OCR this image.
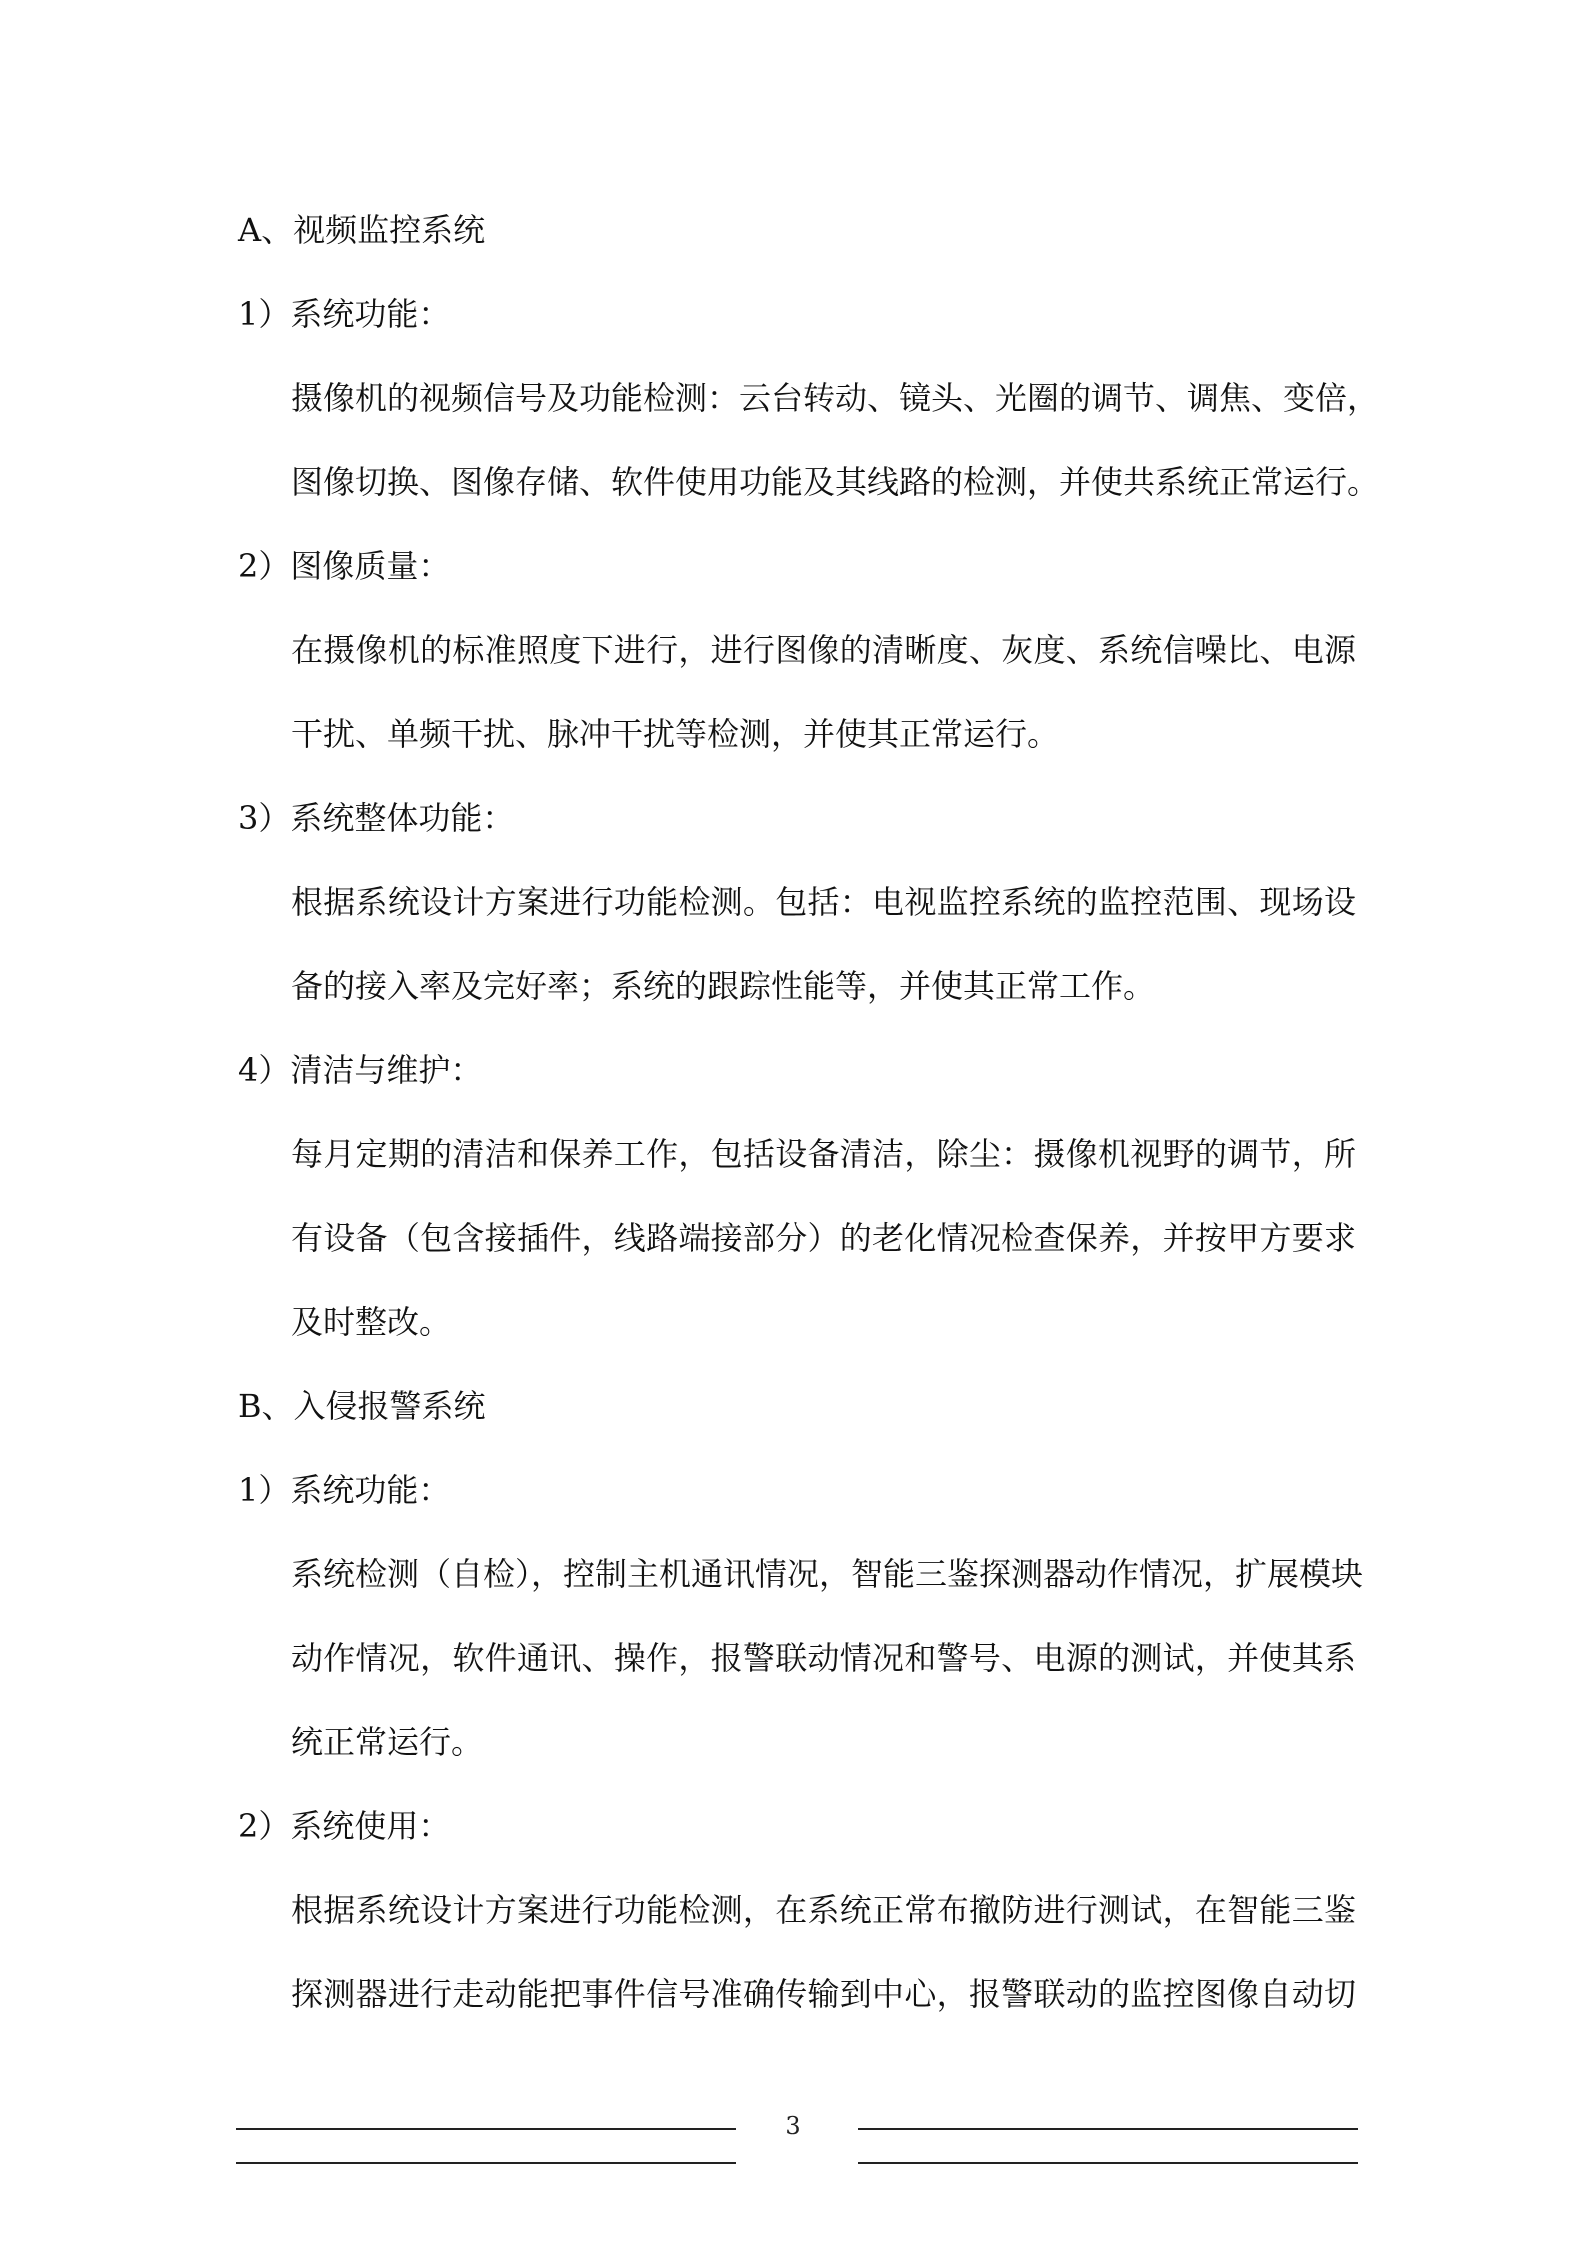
A、视频监控系统
1）系统功能：
摄像机的视频信号及功能检测：云台转动、镜头、光圈的调节、调焦、变倍，
图像切换、图像存储、软件使用功能及其线路的检测，并使共系统正常运行。
2）图像质量：
在摄像机的标准照度下进行，进行图像的清晰度、灰度、系统信噪比、电源
干扰、单频干扰、脉冲干扰等检测，并使其正常运行。
3）系统整体功能：
根据系统设计方案进行功能检测。包括：电视监控系统的监控范围、现场设
备的接入率及完好率；系统的跟踪性能等，并使其正常工作。
4）清洁与维护：
每月定期的清洁和保养工作，包括设备清洁，除尘：摄像机视野的调节，所
有设备（包含接插件，线路端接部分）的老化情况检查保养，并按甲方要求
及时整改。
B、入侵报警系统
1）系统功能：
系统检测（自检），控制主机通讯情况，智能三鉴探测器动作情况，扩展模块
动作情况，软件通讯、操作，报警联动情况和警号、电源的测试，并使其系
统正常运行。
2）系统使用：
根据系统设计方案进行功能检测，在系统正常布撤防进行测试，在智能三鉴
探测器进行走动能把事件信号准确传输到中心，报警联动的监控图像自动切
3
